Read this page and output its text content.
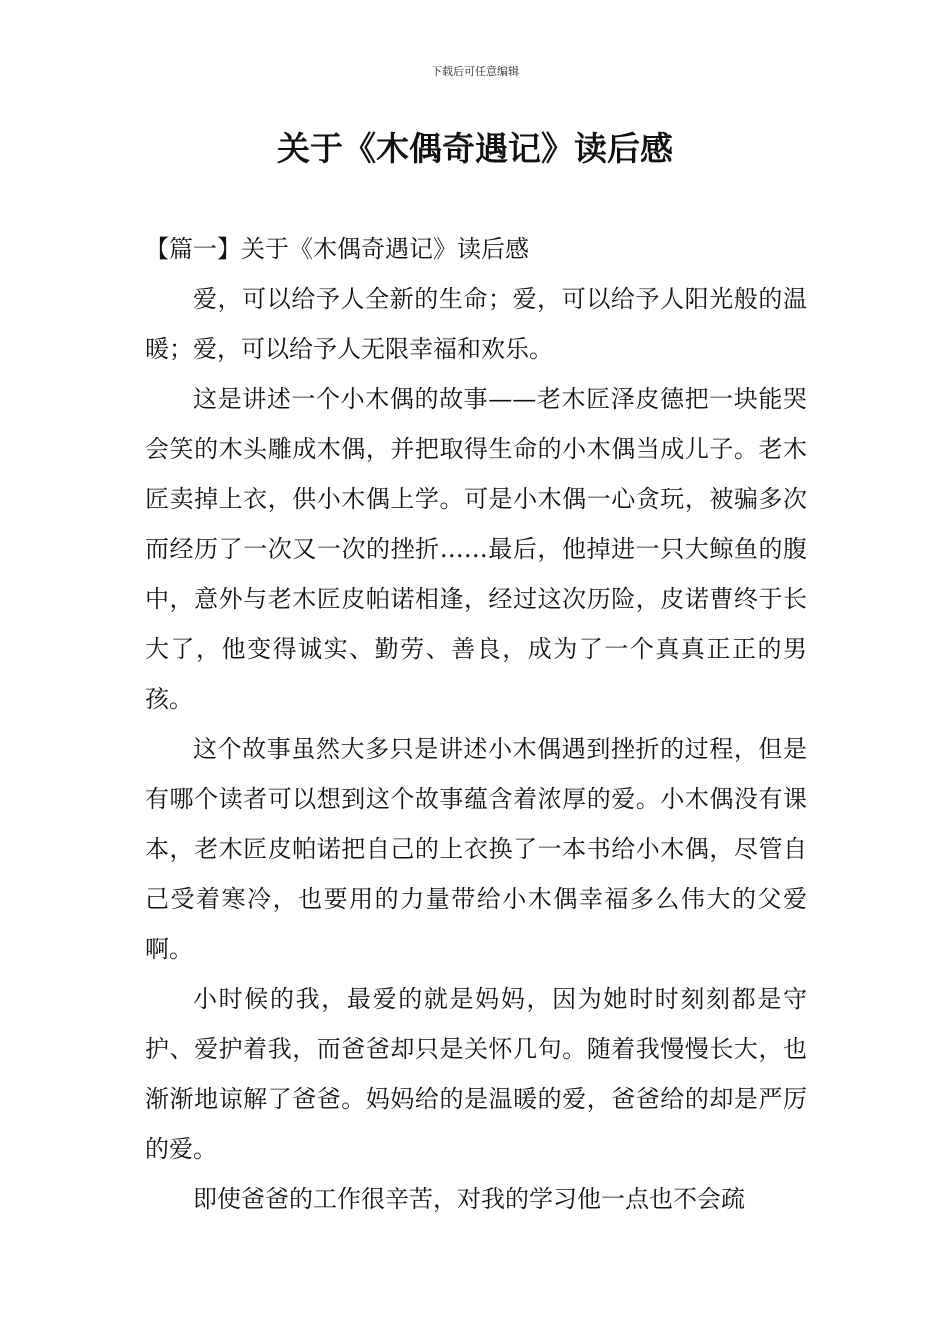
下载后可任意编辑
关于《木偶奇遇记》读后感

【篇一】关于《木偶奇遇记》读后感

爱，可以给予人全新的生命；爱，可以给予人阳光般的温暖；爱，可以给予人无限幸福和欢乐。

这是讲述一个小木偶的故事——老木匠泽皮德把一块能哭会笑的木头雕成木偶，并把取得生命的小木偶当成儿子。老木匠卖掉上衣，供小木偶上学。可是小木偶一心贪玩，被骗多次而经历了一次又一次的挫折……最后，他掉进一只大鲸鱼的腹中，意外与老木匠皮帕诺相逢，经过这次历险，皮诺曹终于长大了，他变得诚实、勤劳、善良，成为了一个真真正正的男孩。

这个故事虽然大多只是讲述小木偶遇到挫折的过程，但是有哪个读者可以想到这个故事蕴含着浓厚的爱。小木偶没有课本，老木匠皮帕诺把自己的上衣换了一本书给小木偶，尽管自己受着寒冷，也要用的力量带给小木偶幸福多么伟大的父爱啊。

小时候的我，最爱的就是妈妈，因为她时时刻刻都是守护、爱护着我，而爸爸却只是关怀几句。随着我慢慢长大，也渐渐地谅解了爸爸。妈妈给的是温暖的爱，爸爸给的却是严厉的爱。

即使爸爸的工作很辛苦，对我的学习他一点也不会疏
